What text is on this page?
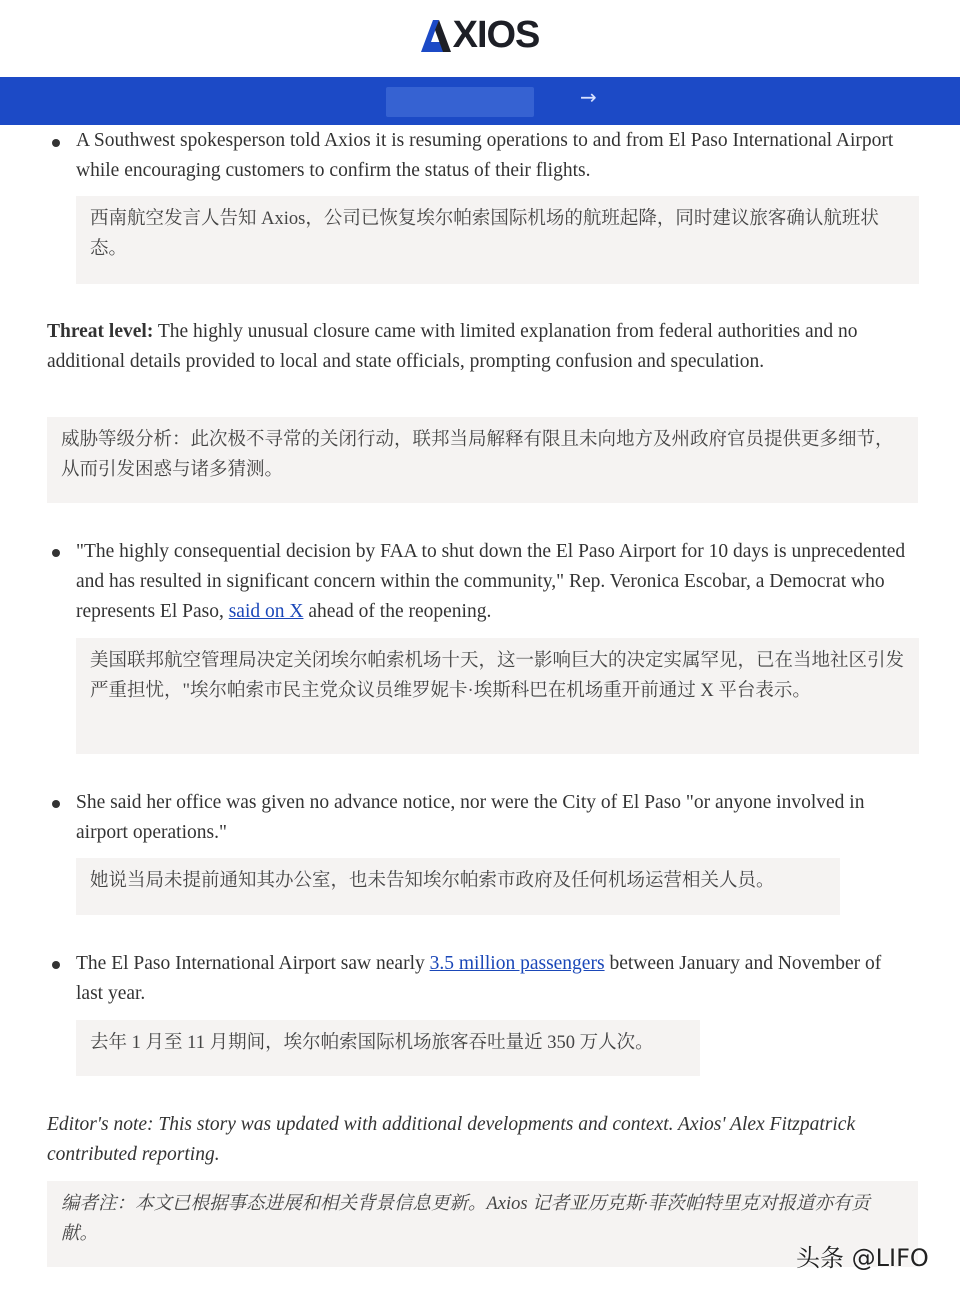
XIOS
→
A Southwest spokesperson told Axios it is resuming operations to and from El Paso International Airport while encouraging customers to confirm the status of their flights.
西南航空发言人告知 Axios，公司已恢复埃尔帕索国际机场的航班起降，同时建议旅客确认航班状态。
Threat level: The highly unusual closure came with limited explanation from federal authorities and no additional details provided to local and state officials, prompting confusion and speculation.
威胁等级分析：此次极不寻常的关闭行动，联邦当局解释有限且未向地方及州政府官员提供更多细节，从而引发困惑与诸多猜测。
"The highly consequential decision by FAA to shut down the El Paso Airport for 10 days is unprecedented and has resulted in significant concern within the community," Rep. Veronica Escobar, a Democrat who represents El Paso, said on X ahead of the reopening.
美国联邦航空管理局决定关闭埃尔帕索机场十天，这一影响巨大的决定实属罕见，已在当地社区引发严重担忧，"埃尔帕索市民主党众议员维罗妮卡·埃斯科巴在机场重开前通过 X 平台表示。
She said her office was given no advance notice, nor were the City of El Paso "or anyone involved in airport operations."
她说当局未提前通知其办公室，也未告知埃尔帕索市政府及任何机场运营相关人员。
The El Paso International Airport saw nearly 3.5 million passengers between January and November of last year.
去年 1 月至 11 月期间，埃尔帕索国际机场旅客吞吐量近 350 万人次。
Editor's note: This story was updated with additional developments and context. Axios' Alex Fitzpatrick contributed reporting.
编者注：本文已根据事态进展和相关背景信息更新。Axios 记者亚历克斯·菲茨帕特里克对报道亦有贡献。
头条 @LIFO
